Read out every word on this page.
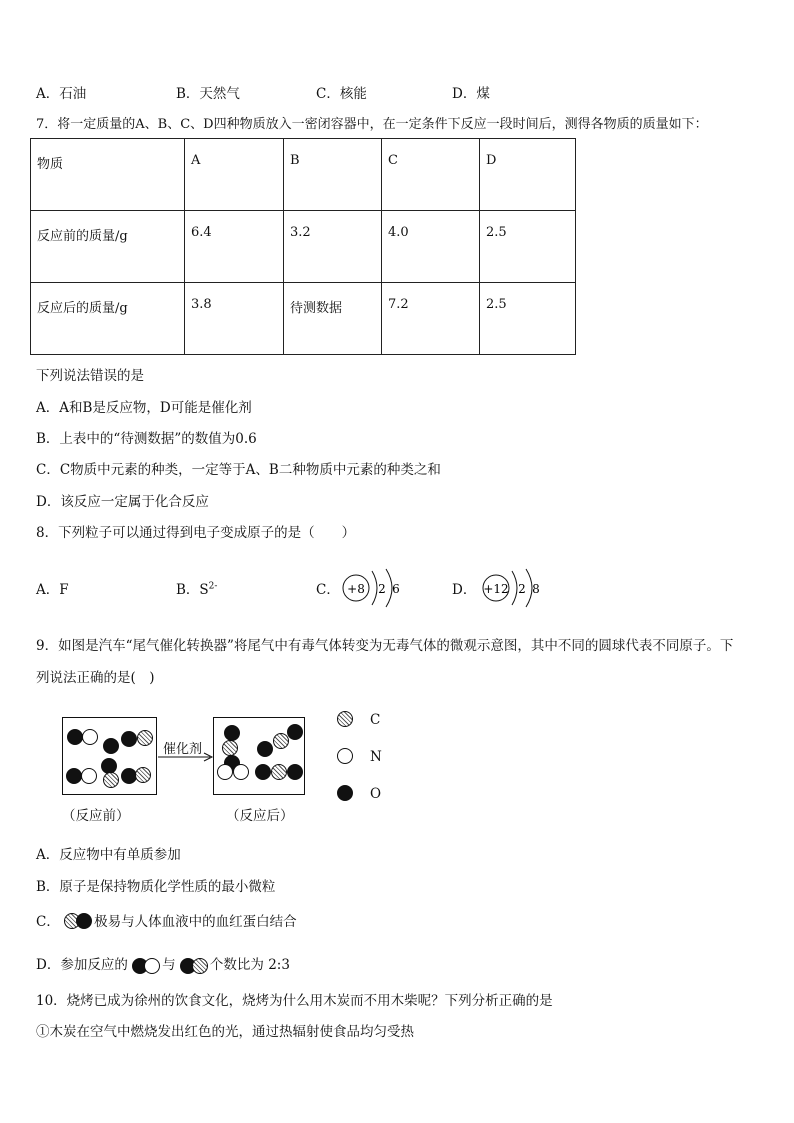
A．石油	B．天然气	C．核能	D．煤
7．将一定质量的A、B、C、D四种物质放入一密闭容器中，在一定条件下反应一段时间后，测得各物质的质量如下：
物质	A	B	C	D
反应前的质量/g	6.4	3.2	4.0	2.5
反应后的质量/g	3.8	待测数据	7.2	2.5
下列说法错误的是
A．A和B是反应物，D可能是催化剂
B．上表中的“待测数据”的数值为0.6
C．C物质中元素的种类，一定等于A、B二种物质中元素的种类之和
D．该反应一定属于化合反应
8．下列粒子可以通过得到电子变成原子的是（　　）
A．F	B．$S^{2-}$	C． +8 2 6	D． +12 2 8
9．如图是汽车“尾气催化转换器”将尾气中有毒气体转变为无毒气体的微观示意图，其中不同的圆球代表不同原子。下
列说法正确的是(　)
催化剂
（反应前）	（反应后）
C
N
O
A．反应物中有单质参加
B．原子是保持物质化学性质的最小微粒
C．	极易与人体血液中的血红蛋白结合
D．参加反应的	与	个数比为 2:3
10．烧烤已成为徐州的饮食文化，烧烤为什么用木炭而不用木柴呢？下列分析正确的是
①木炭在空气中燃烧发出红色的光，通过热辐射使食品均匀受热
